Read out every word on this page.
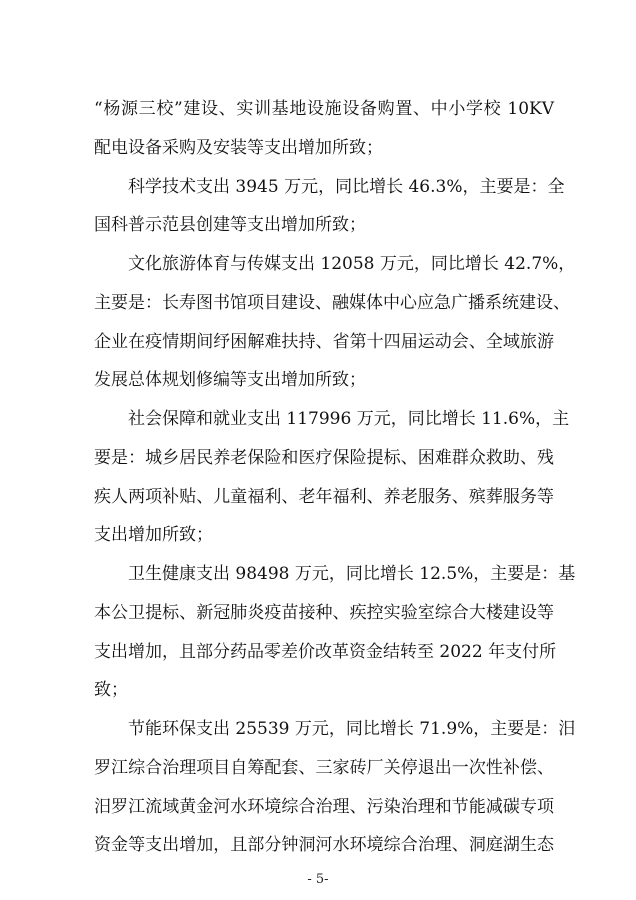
“杨源三校”建设、实训基地设施设备购置、中小学校 10KV
配电设备采购及安装等支出增加所致；
科学技术支出 3945 万元，同比增长 46.3%，主要是：全
国科普示范县创建等支出增加所致；
文化旅游体育与传媒支出 12058 万元，同比增长 42.7%，
主要是：长寿图书馆项目建设、融媒体中心应急广播系统建设、
企业在疫情期间纾困解难扶持、省第十四届运动会、全域旅游
发展总体规划修编等支出增加所致；
社会保障和就业支出 117996 万元，同比增长 11.6%，主
要是：城乡居民养老保险和医疗保险提标、困难群众救助、残
疾人两项补贴、儿童福利、老年福利、养老服务、殡葬服务等
支出增加所致；
卫生健康支出 98498 万元，同比增长 12.5%，主要是：基
本公卫提标、新冠肺炎疫苗接种、疾控实验室综合大楼建设等
支出增加，且部分药品零差价改革资金结转至 2022 年支付所
致；
节能环保支出 25539 万元，同比增长 71.9%，主要是：汨
罗江综合治理项目自筹配套、三家砖厂关停退出一次性补偿、
汨罗江流域黄金河水环境综合治理、污染治理和节能减碳专项
资金等支出增加，且部分钟洞河水环境综合治理、洞庭湖生态
- 5-
